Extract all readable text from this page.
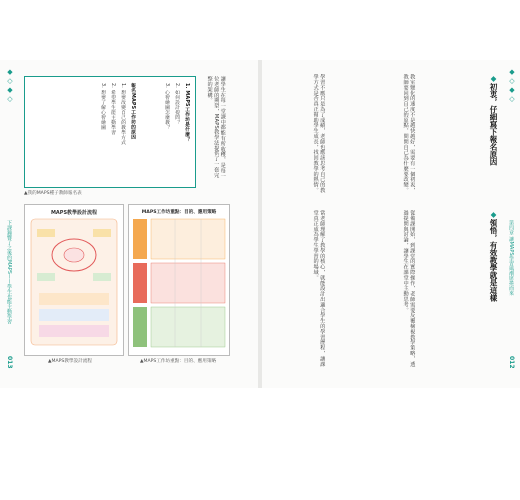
◆◇◆◇
下課鐘響了之後的MAPS——學生也能主動學習
013
讓學生在每一堂課中都能有所收穫，是每一位老師的期望，MAPS教學法提供了一套完整的架構。
1. MAPS工作坊是什麼？
2. 如何設計提問？
3. 心智繪圖怎麼教？
報名MAPS工作坊的原因
1. 想要改變自己的教學方式
2. 希望學生能主動學習
3. 想要了解心智繪圖
▲我的MAPS種子教師報名表
MAPS教學設計流程
▲MAPS教學設計流程
MAPS工作坊重點：目的、應用策略
▲MAPS工作坊重點：目的、應用策略
◆◇◆◇
第四章 讓MAPS學習風潮席捲而來
012
◆初衷，仔細寫下報名原因
教室變化的速度不是越快越好，需要有一個初衷，教師要回到自己的原點，問問自己為什麼要改變。
學習不應只是為了成績，老師也應該思考自己的教學方式是否真正幫助學生成長，找回教學的熱情。
◆領悟，有效教學就是這樣
從備課開始，到課堂的實際操作，老師需要反覆檢視教學策略，透過提問與討論，讓學生在課堂中主動思考。
當老師理解了教學的核心，就能設計出適合學生的學習歷程，讓課堂真正成為學生學習的場域。
